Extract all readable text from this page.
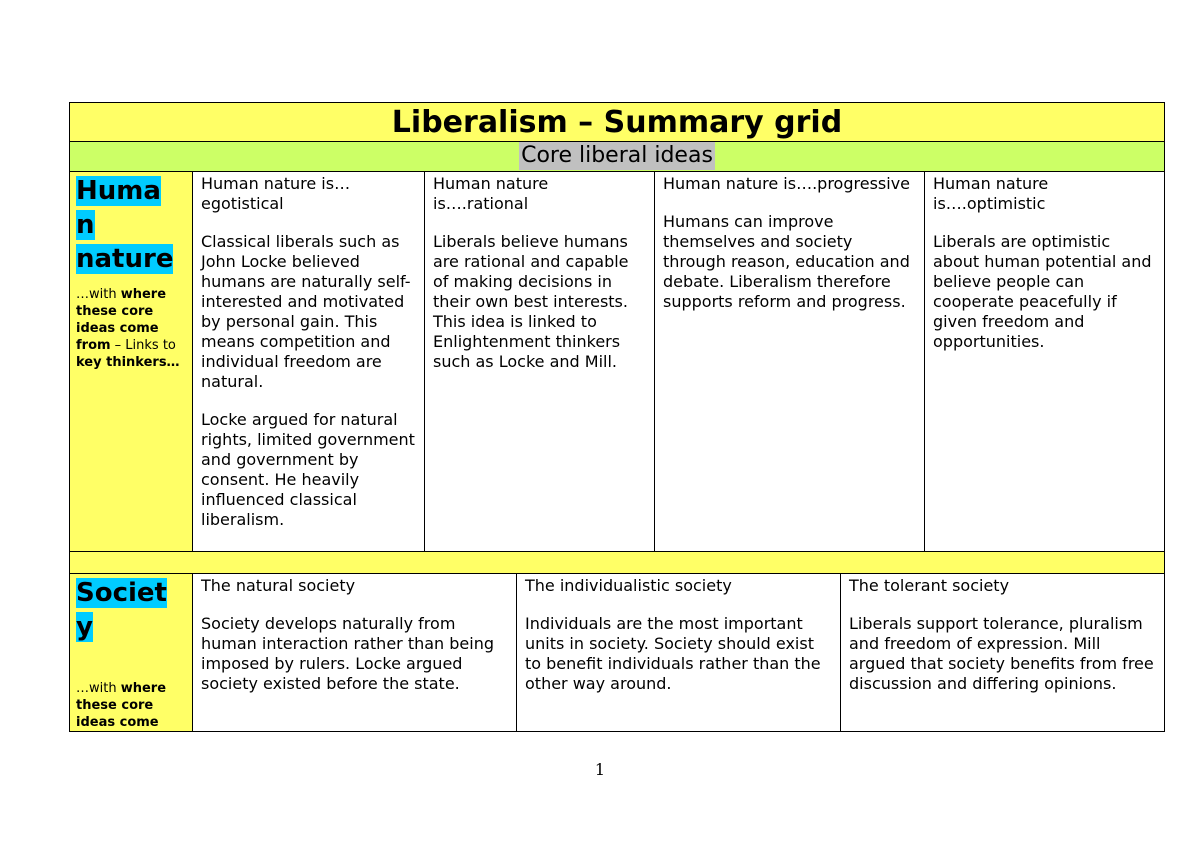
Liberalism – Summary grid
Core liberal ideas
Huma n nature
…with where these core ideas come from – Links to key thinkers…
Human nature is… egotistical
Classical liberals such as John Locke believed humans are naturally self-interested and motivated by personal gain. This means competition and individual freedom are natural.
Locke argued for natural rights, limited government and government by consent. He heavily influenced classical liberalism.
Human nature is….rational
Liberals believe humans are rational and capable of making decisions in their own best interests. This idea is linked to Enlightenment thinkers such as Locke and Mill.
Human nature is….progressive
Humans can improve themselves and society through reason, education and debate. Liberalism therefore supports reform and progress.
Human nature is….optimistic
Liberals are optimistic about human potential and believe people can cooperate peacefully if given freedom and opportunities.
Societ y
…with where these core ideas come
The natural society
Society develops naturally from human interaction rather than being imposed by rulers. Locke argued society existed before the state.
The individualistic society
Individuals are the most important units in society. Society should exist to benefit individuals rather than the other way around.
The tolerant society
Liberals support tolerance, pluralism and freedom of expression. Mill argued that society benefits from free discussion and differing opinions.
1
